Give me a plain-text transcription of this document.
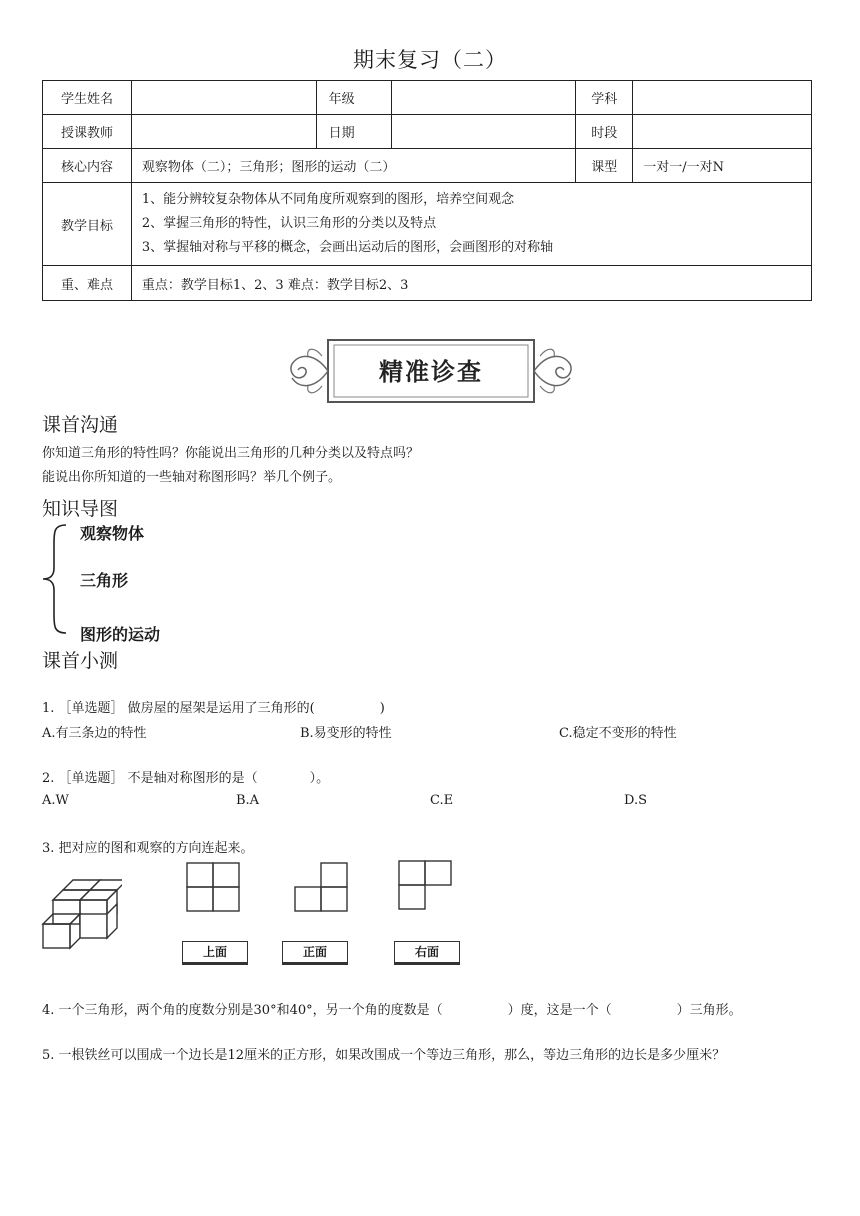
期末复习（二）
学生姓名		年级		学科	
授课教师		日期		时段	
核心内容	观察物体（二）；三角形；图形的运动（二）			课型	一对一/一对N
教学目标	1、能分辨较复杂物体从不同角度所观察到的图形，培养空间观念
2、掌握三角形的特性，认识三角形的分类以及特点
3、掌握轴对称与平移的概念，会画出运动后的图形，会画图形的对称轴				

重、难点	重点：教学目标1、2、3 难点：教学目标2、3				
精准诊查
课首沟通
你知道三角形的特性吗？你能说出三角形的几种分类以及特点吗？
能说出你所知道的一些轴对称图形吗？举几个例子。
知识导图
观察物体
三角形
图形的运动
课首小测
1. ［单选题］ 做房屋的屋架是运用了三角形的(　　　　　)
A.有三条边的特性	B.易变形的特性	C.稳定不变形的特性
2. ［单选题］ 不是轴对称图形的是（　　　　）。
A.W	B.A	C.E	D.S
3. 把对应的图和观察的方向连起来。
上面	正面	右面
4. 一个三角形，两个角的度数分别是30°和40°，另一个角的度数是（　　　　　）度，这是一个（　　　　　）三角形。
5. 一根铁丝可以围成一个边长是12厘米的正方形，如果改围成一个等边三角形，那么，等边三角形的边长是多少厘米？
